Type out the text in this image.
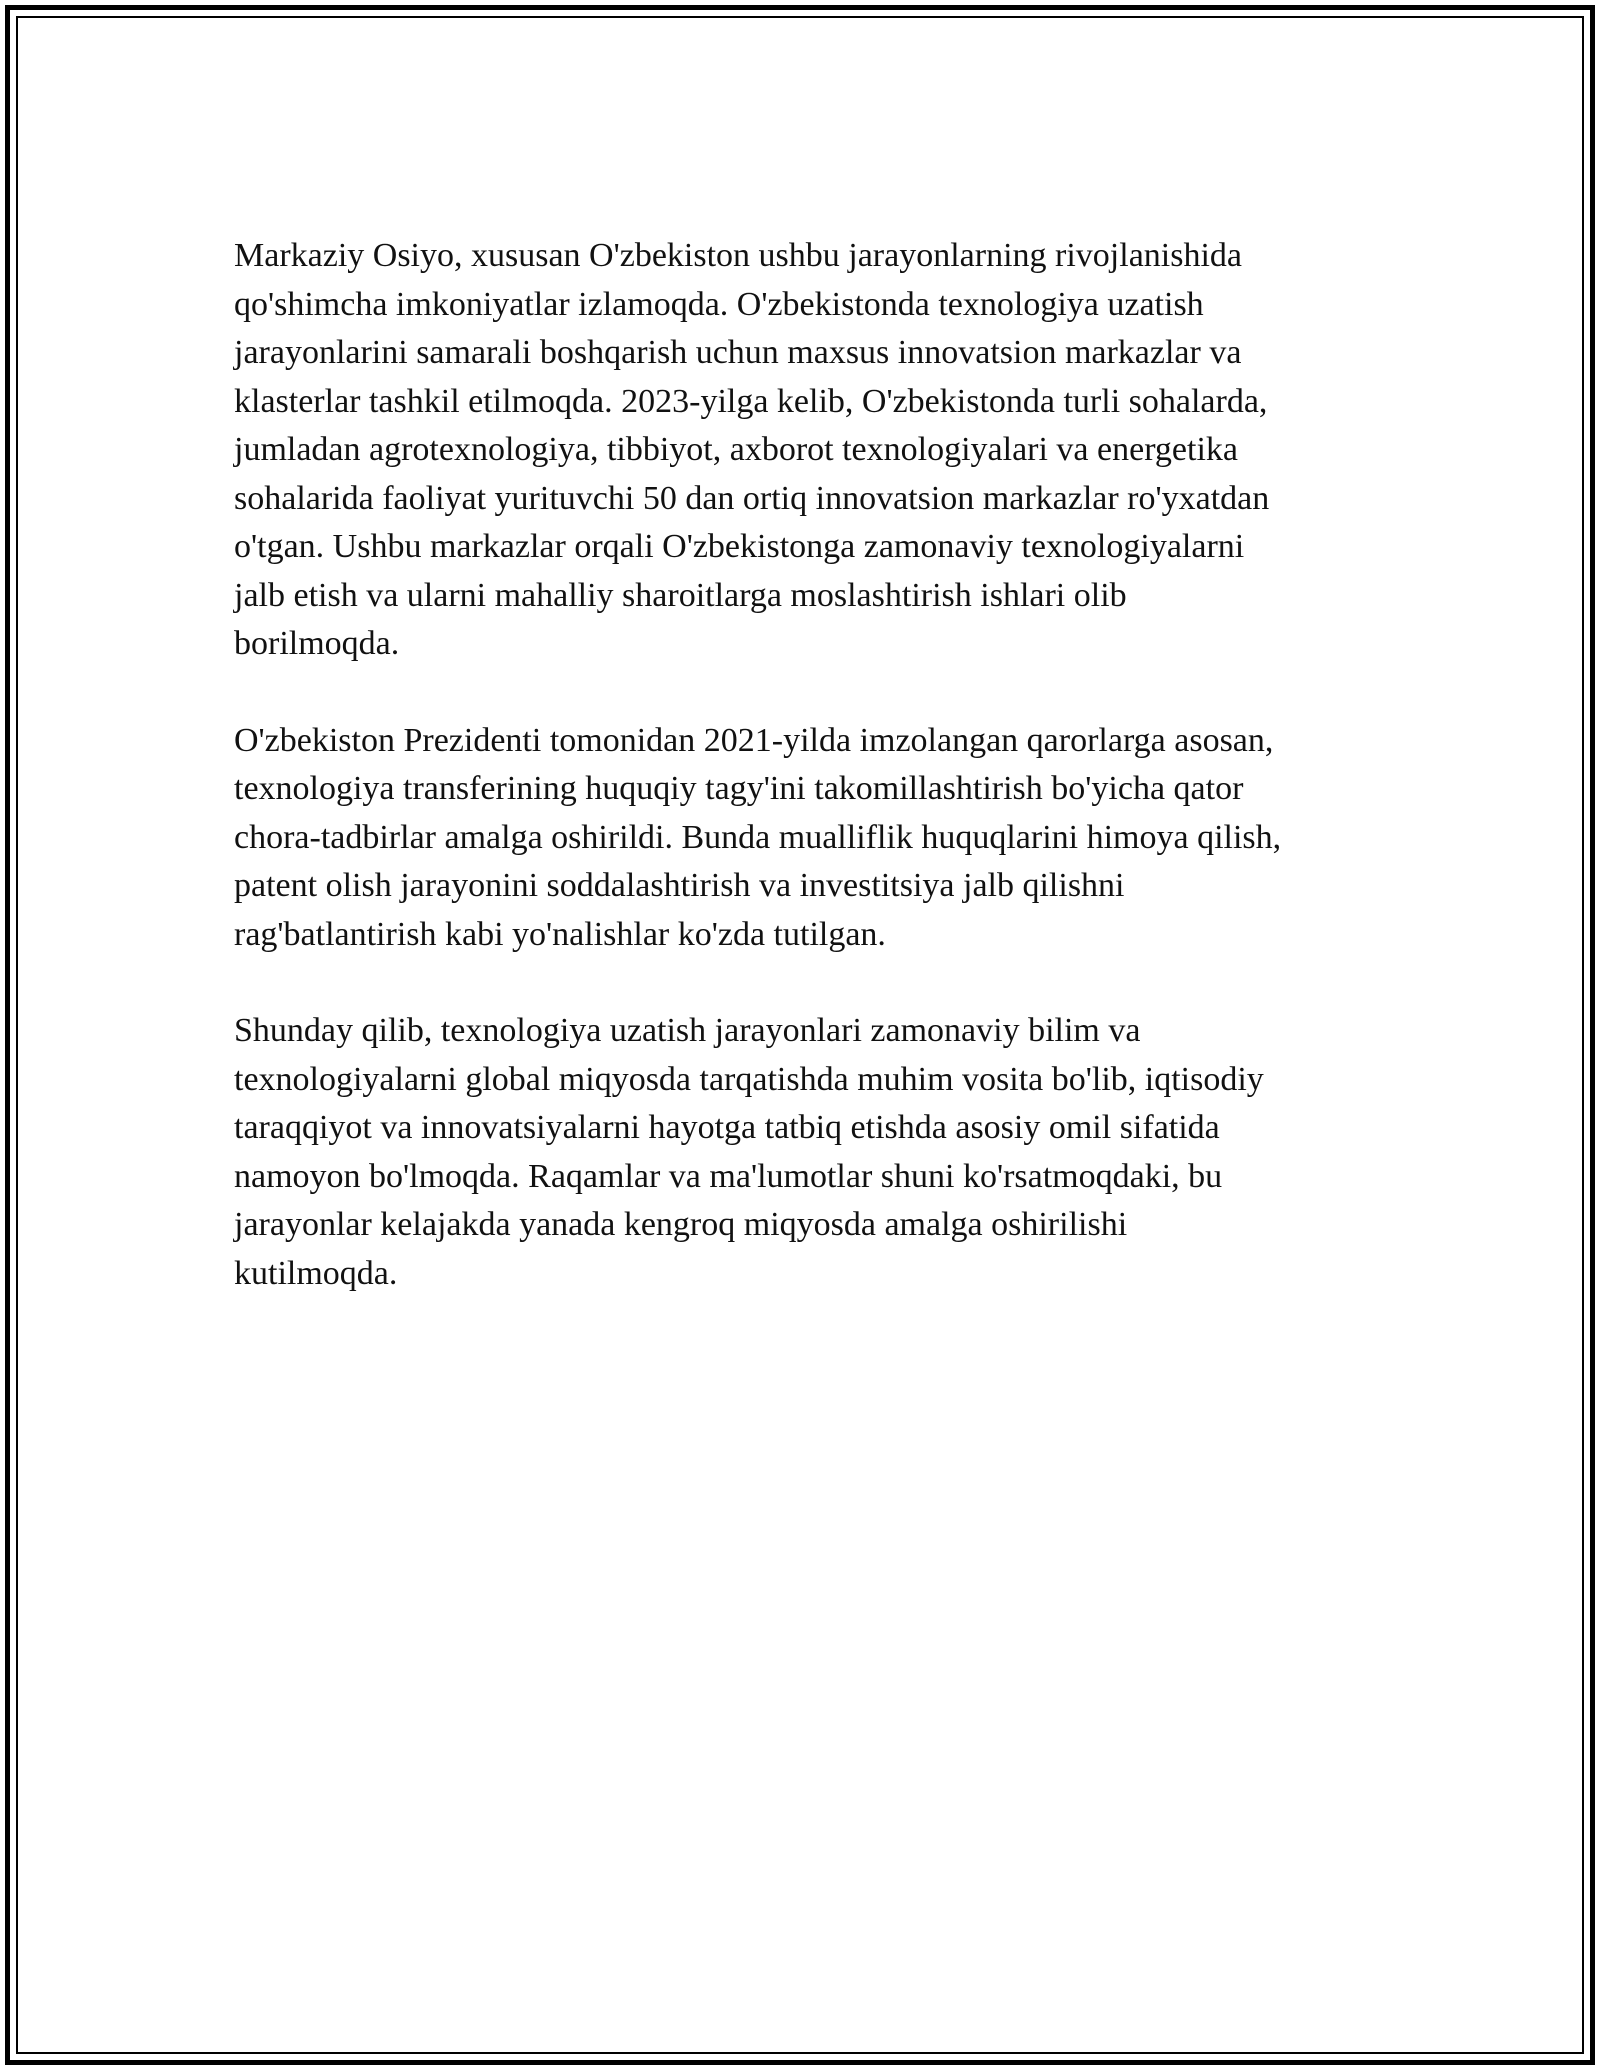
Markaziy Osiyo, xususan O'zbekiston ushbu jarayonlarning rivojlanishida
qo'shimcha imkoniyatlar izlamoqda. O'zbekistonda texnologiya uzatish
jarayonlarini samarali boshqarish uchun maxsus innovatsion markazlar va
klasterlar tashkil etilmoqda. 2023-yilga kelib, O'zbekistonda turli sohalarda,
jumladan agrotexnologiya, tibbiyot, axborot texnologiyalari va energetika
sohalarida faoliyat yurituvchi 50 dan ortiq innovatsion markazlar ro'yxatdan
o'tgan. Ushbu markazlar orqali O'zbekistonga zamonaviy texnologiyalarni
jalb etish va ularni mahalliy sharoitlarga moslashtirish ishlari olib
borilmoqda.

O'zbekiston Prezidenti tomonidan 2021-yilda imzolangan qarorlarga asosan,
texnologiya transferining huquqiy tagy'ini takomillashtirish bo'yicha qator
chora-tadbirlar amalga oshirildi. Bunda mualliflik huquqlarini himoya qilish,
patent olish jarayonini soddalashtirish va investitsiya jalb qilishni
rag'batlantirish kabi yo'nalishlar ko'zda tutilgan.

Shunday qilib, texnologiya uzatish jarayonlari zamonaviy bilim va
texnologiyalarni global miqyosda tarqatishda muhim vosita bo'lib, iqtisodiy
taraqqiyot va innovatsiyalarni hayotga tatbiq etishda asosiy omil sifatida
namoyon bo'lmoqda. Raqamlar va ma'lumotlar shuni ko'rsatmoqdaki, bu
jarayonlar kelajakda yanada kengroq miqyosda amalga oshirilishi
kutilmoqda.
